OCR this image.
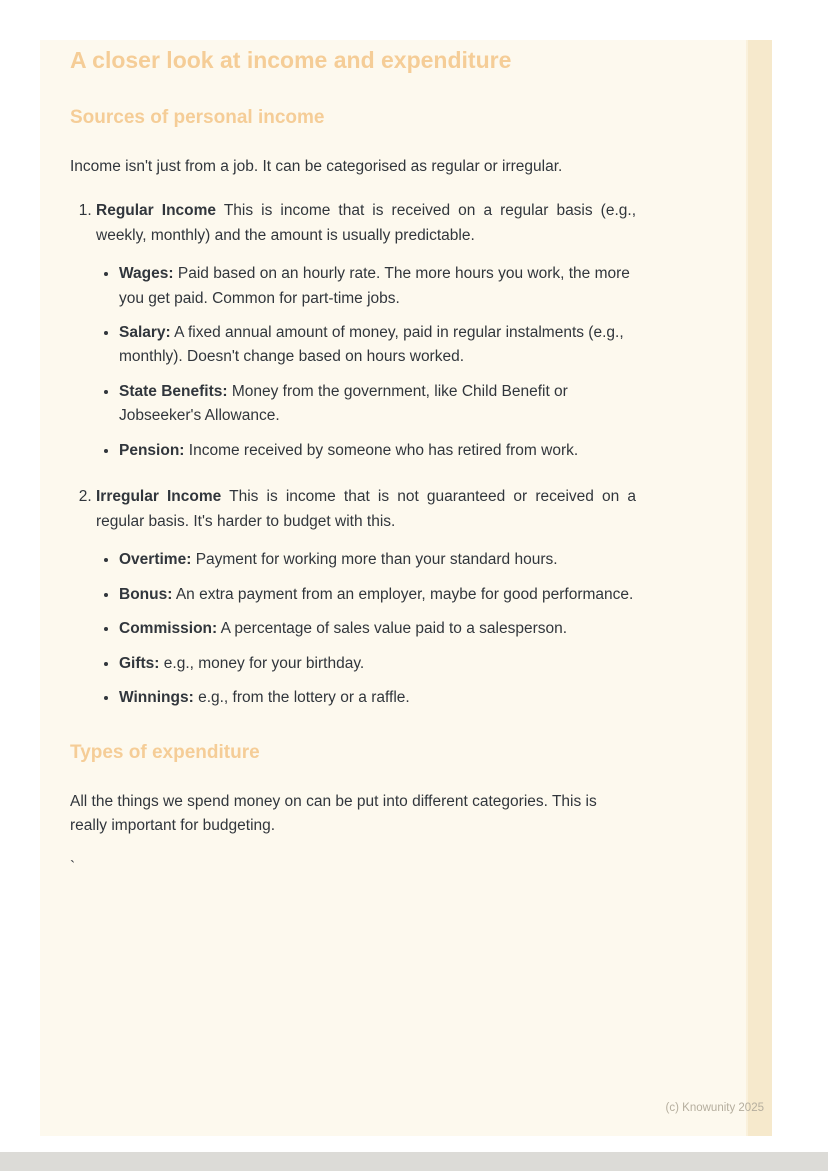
A closer look at income and expenditure
Sources of personal income

Income isn't just from a job. It can be categorised as regular or irregular.

1. Regular Income This is income that is received on a regular basis (e.g., weekly, monthly) and the amount is usually predictable.

• Wages: Paid based on an hourly rate. The more hours you work, the more you get paid. Common for part-time jobs.

• Salary: A fixed annual amount of money, paid in regular instalments (e.g., monthly). Doesn't change based on hours worked.

• State Benefits: Money from the government, like Child Benefit or Jobseeker's Allowance.

• Pension: Income received by someone who has retired from work.

2. Irregular Income This is income that is not guaranteed or received on a regular basis. It's harder to budget with this.

• Overtime: Payment for working more than your standard hours.

• Bonus: An extra payment from an employer, maybe for good performance.

• Commission: A percentage of sales value paid to a salesperson.

• Gifts: e.g., money for your birthday.

• Winnings: e.g., from the lottery or a raffle.

Types of expenditure

All the things we spend money on can be put into different categories. This is really important for budgeting.

`

(c) Knowunity 2025
